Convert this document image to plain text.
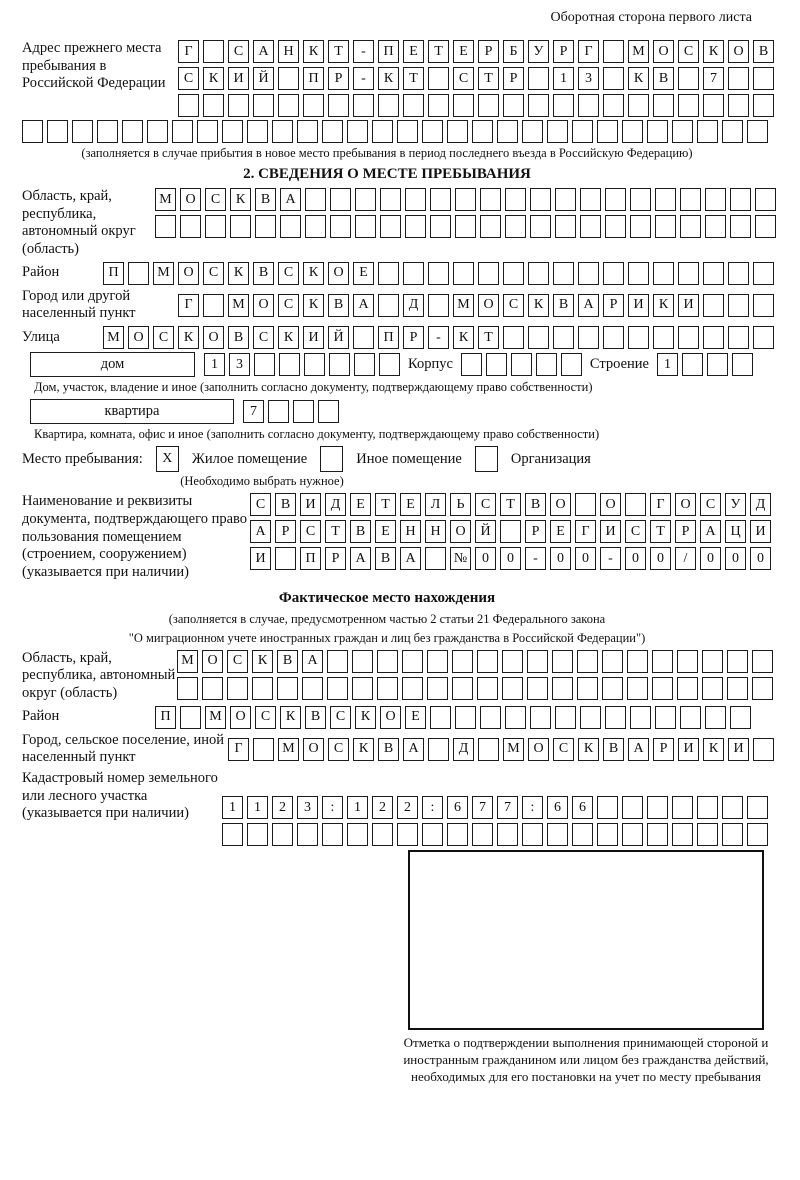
Оборотная сторона первого листа
Адрес прежнего места пребывания в Российской Федерации
Г	С	А	Н	К	Т	-	П	Е	Т	Е	Р	Б	У	Р	Г	М О	С	К	О	В
С	К	И	Й	П	Р	-	К	Т	С	Т	Р	1	3	К	В	7
(заполняется в случае прибытия в новое место пребывания в период последнего въезда в Российскую Федерацию)
2. СВЕДЕНИЯ О МЕСТЕ ПРЕБЫВАНИЯ
Область, край, республика, автономный округ (область)
М О	С	К	В	А
Район	П	М О	С	К	В	С	К	О	Е
Город или другой населенный пункт
Г	М О	С	К	В	А	Д	М О	С	К	В	А	Р	И	К	И
Улица	М О	С	К	О	В	С	К	И	Й	П	Р	-	К	Т
дом	1	3	Корпус	Строение	1
Дом, участок, владение и иное (заполнить согласно документу, подтверждающему право собственности)
квартира	7
Квартира, комната, офис и иное (заполнить согласно документу, подтверждающему право собственности)
Место пребывания:	X	Жилое помещение	Иное помещение	Организация
(Необходимо выбрать нужное)
Наименование и реквизиты документа, подтверждающего право пользования помещением (строением, сооружением) (указывается при наличии)
С	В	И	Д	Е	Т	Е	Л	Ь	С	Т	В	О	О	Г	О	С	У	Д
А	Р	С	Т	В	Е	Н	Н	О	Й	Р	Е	Г	И	С	Т	Р	А	Ц	И
И	П	Р	А	В	А	№	0	0	-	0	0	-	0	0	/	0	0	0
Фактическое место нахождения
(заполняется в случае, предусмотренном частью 2 статьи 21 Федерального закона
"О миграционном учете иностранных граждан и лиц без гражданства в Российской Федерации")
Область, край, республика, автономный округ (область)
М О	С	К	В	А
Район	П	М О	С	К	В	С	К	О	Е
Город, сельское поселение, иной населенный пункт
Г	М О	С	К	В	А	Д	М О	С	К	В	А	Р	И	К	И
Кадастровый номер земельного или лесного участка (указывается при наличии)	1	1	2	3	:	1	2	2	:	6	7	7	:	6	6
Отметка о подтверждении выполнения принимающей стороной и иностранным гражданином или лицом без гражданства действий, необходимых для его постановки на учет по месту пребывания
